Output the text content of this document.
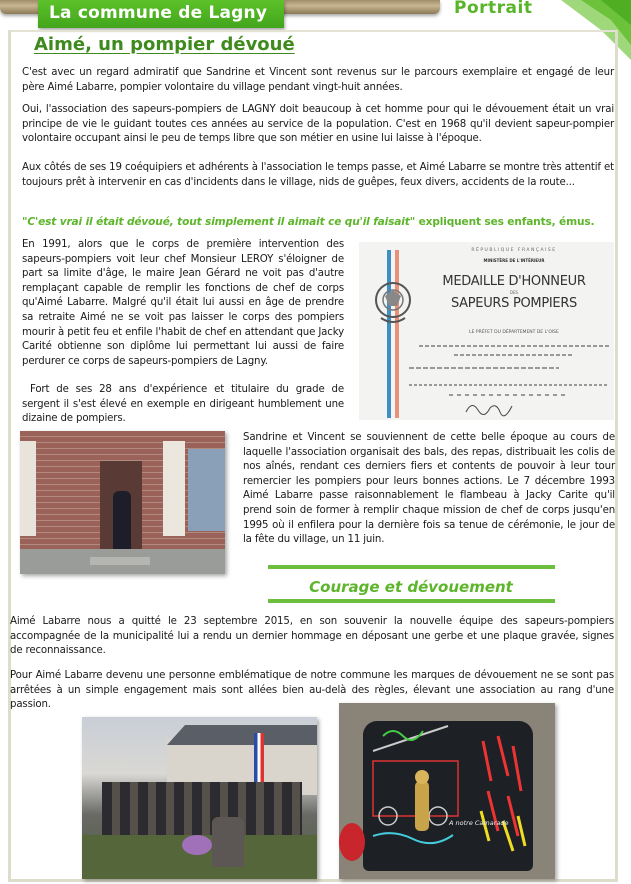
La commune de Lagny	Portrait
Aimé, un pompier dévoué
C'est avec un regard admiratif que Sandrine et Vincent sont revenus sur le parcours exemplaire et engagé de leur père Aimé Labarre, pompier volontaire du village pendant vingt-huit années.
Oui, l'association des sapeurs-pompiers de LAGNY doit beaucoup à cet homme pour qui le dévouement était un vrai principe de vie le guidant toutes ces années au service de la population. C'est en 1968 qu'il devient sapeur-pompier volontaire occupant ainsi le peu de temps libre que son métier en usine lui laisse à l'époque.
Aux côtés de ses 19 coéquipiers et adhérents à l'association le temps passe, et Aimé Labarre se montre très attentif et toujours prêt à intervenir en cas d'incidents dans le village, nids de guêpes, feux divers, accidents de la route...
"C'est vrai il était dévoué, tout simplement il aimait ce qu'il faisait" expliquent ses enfants, émus.
En 1991, alors que le corps de première intervention des sapeurs-pompiers voit leur chef Monsieur LEROY s'éloigner de part sa limite d'âge, le maire Jean Gérard ne voit pas d'autre remplaçant capable de remplir les fonctions de chef de corps qu'Aimé Labarre. Malgré qu'il était lui aussi en âge de prendre sa retraite Aimé ne se voit pas laisser le corps des pompiers mourir à petit feu et enfile l'habit de chef en attendant que Jacky Carité obtienne son diplôme lui permettant lui aussi de faire perdurer ce corps de sapeurs-pompiers de Lagny.
Fort de ses 28 ans d'expérience et titulaire du grade de sergent il s'est élevé en exemple en dirigeant humblement une dizaine de pompiers.
RÉPUBLIQUE FRANÇAISE
MINISTÈRE DE L'INTÉRIEUR
MEDAILLE D'HONNEUR
DES
SAPEURS POMPIERS
LE PRÉFET DU DÉPARTEMENT DE L'OISE
Sandrine et Vincent se souviennent de cette belle époque au cours de laquelle l'association organisait des bals, des repas, distribuait les colis de nos aînés, rendant ces derniers fiers et contents de pouvoir à leur tour remercier les pompiers pour leurs bonnes actions. Le 7 décembre 1993 Aimé Labarre passe raisonnablement le flambeau à Jacky Carite qu'il prend soin de former à remplir chaque mission de chef de corps jusqu'en 1995 où il enfilera pour la dernière fois sa tenue de cérémonie, le jour de la fête du village, un 11 juin.
Courage et dévouement
Aimé Labarre nous a quitté le 23 septembre 2015, en son souvenir la nouvelle équipe des sapeurs-pompiers accompagnée de la municipalité lui a rendu un dernier hommage en déposant une gerbe et une plaque gravée, signes de reconnaissance.
Pour Aimé Labarre devenu une personne emblématique de notre commune les marques de dévouement ne se sont pas arrêtées à un simple engagement mais sont allées bien au-delà des règles, élevant une association au rang d'une passion.
A notre Camarade
